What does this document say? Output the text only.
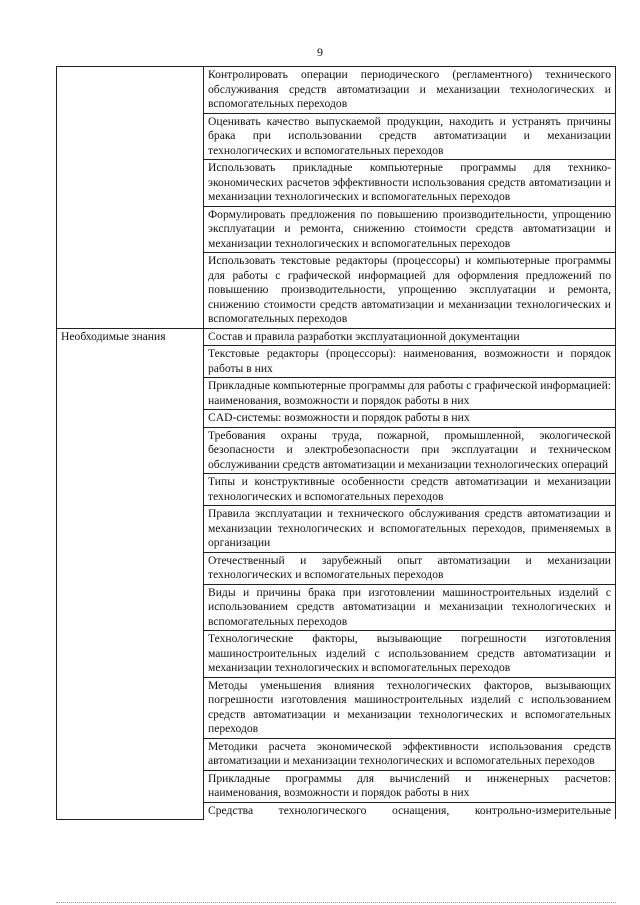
9
	Контролировать операции периодического (регламентного) технического обслуживания средств автоматизации и механизации технологических и вспомогательных переходов
	Оценивать качество выпускаемой продукции, находить и устранять причины брака при использовании средств автоматизации и механизации технологических и вспомогательных переходов
	Использовать прикладные компьютерные программы для технико-экономических расчетов эффективности использования средств автоматизации и механизации технологических и вспомогательных переходов
	Формулировать предложения по повышению производительности, упрощению эксплуатации и ремонта, снижению стоимости средств автоматизации и механизации технологических и вспомогательных переходов
	Использовать текстовые редакторы (процессоры) и компьютерные программы для работы с графической информацией для оформления предложений по повышению производительности, упрощению эксплуатации и ремонта, снижению стоимости средств автоматизации и механизации технологических и вспомогательных переходов
Необходимые знания	Состав и правила разработки эксплуатационной документации
	Текстовые редакторы (процессоры): наименования, возможности и порядок работы в них
	Прикладные компьютерные программы для работы с графической информацией: наименования, возможности и порядок работы в них
	CAD-системы: возможности и порядок работы в них
	Требования охраны труда, пожарной, промышленной, экологической безопасности и электробезопасности при эксплуатации и техническом обслуживании средств автоматизации и механизации технологических операций
	Типы и конструктивные особенности средств автоматизации и механизации технологических и вспомогательных переходов
	Правила эксплуатации и технического обслуживания средств автоматизации и механизации технологических и вспомогательных переходов, применяемых в организации
	Отечественный и зарубежный опыт автоматизации и механизации технологических и вспомогательных переходов
	Виды и причины брака при изготовлении машиностроительных изделий с использованием средств автоматизации и механизации технологических и вспомогательных переходов
	Технологические факторы, вызывающие погрешности изготовления машиностроительных изделий с использованием средств автоматизации и механизации технологических и вспомогательных переходов
	Методы уменьшения влияния технологических факторов, вызывающих погрешности изготовления машиностроительных изделий с использованием средств автоматизации и механизации технологических и вспомогательных переходов
	Методики расчета экономической эффективности использования средств автоматизации и механизации технологических и вспомогательных переходов
	Прикладные программы для вычислений и инженерных расчетов: наименования, возможности и порядок работы в них
	Средства технологического оснащения, контрольно-измерительные
